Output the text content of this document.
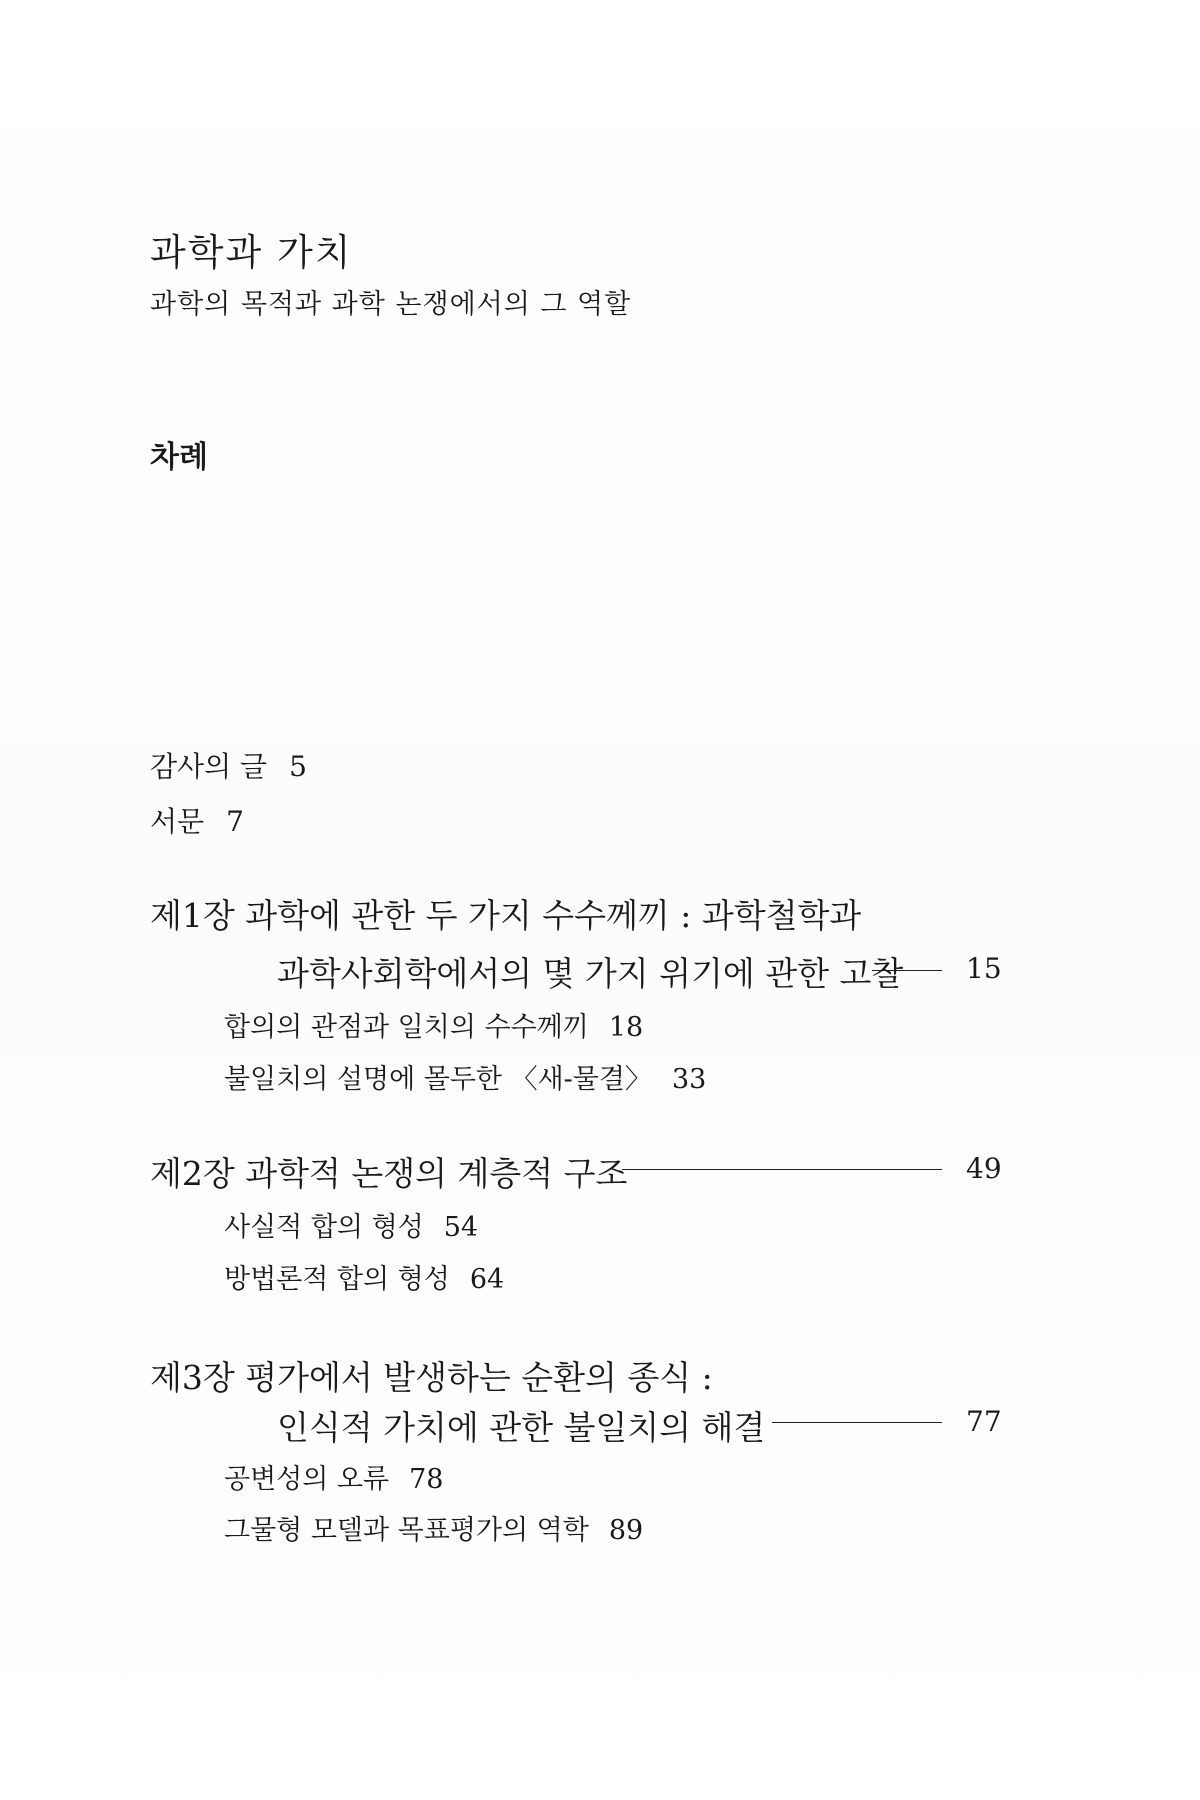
과학과 가치
과학의 목적과 과학 논쟁에서의 그 역할
차례
감사의 글 5
서문 7
제1장 과학에 관한 두 가지 수수께끼 : 과학철학과
과학사회학에서의 몇 가지 위기에 관한 고찰 15
합의의 관점과 일치의 수수께끼 18
불일치의 설명에 몰두한 〈새-물결〉 33
제2장 과학적 논쟁의 계층적 구조	49
사실적 합의 형성 54
방법론적 합의 형성 64
제3장 평가에서 발생하는 순환의 종식 :
인식적 가치에 관한 불일치의 해결	77
공변성의 오류 78
그물형 모델과 목표평가의 역학 89
